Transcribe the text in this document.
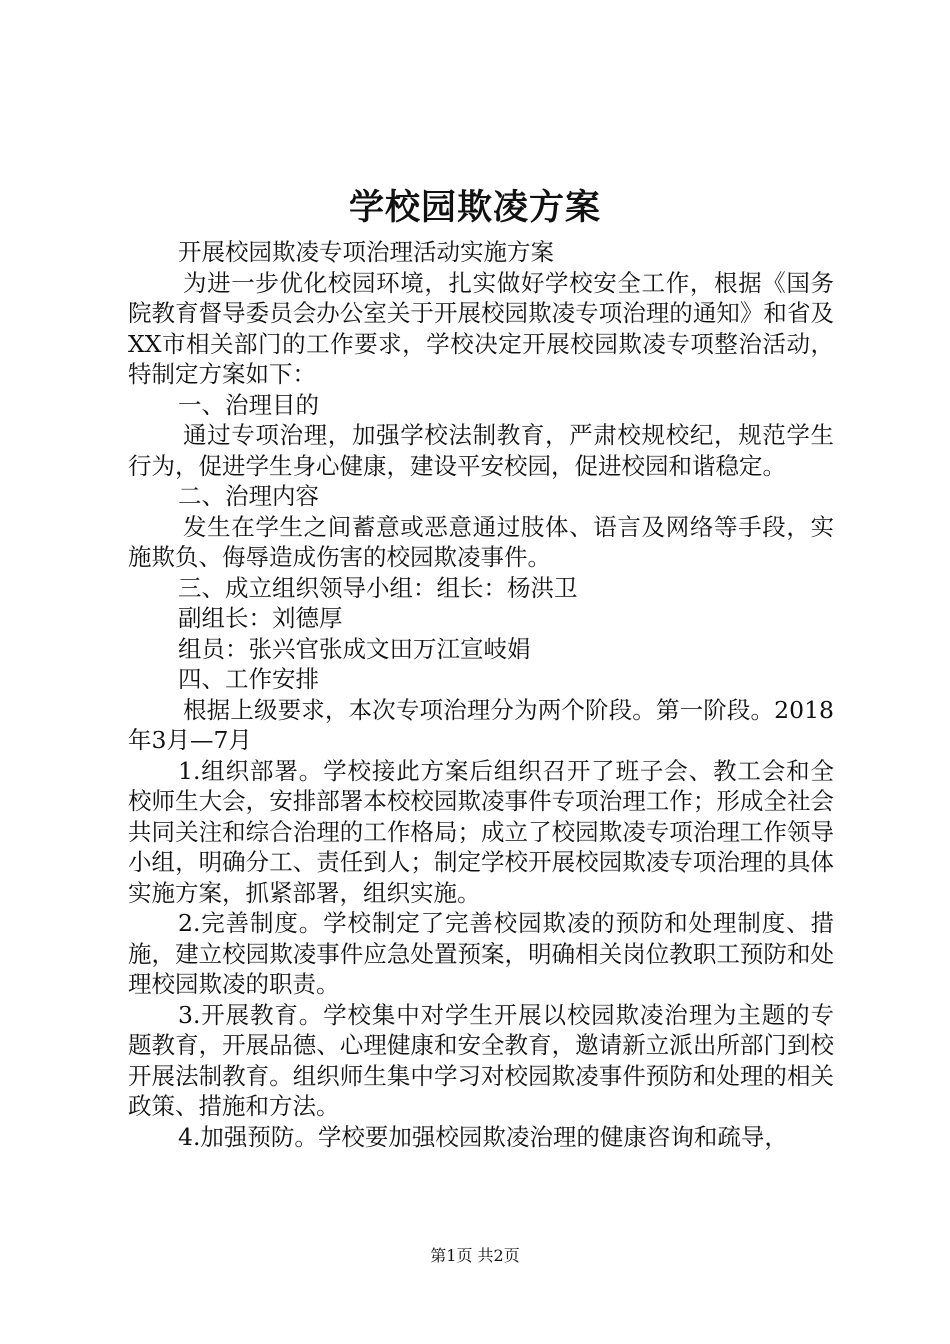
学校园欺凌方案

开展校园欺凌专项治理活动实施方案

为进一步优化校园环境，扎实做好学校安全工作，根据《国务院教育督导委员会办公室关于开展校园欺凌专项治理的通知》和省及XX市相关部门的工作要求，学校决定开展校园欺凌专项整治活动，特制定方案如下：

一、治理目的

通过专项治理，加强学校法制教育，严肃校规校纪，规范学生行为，促进学生身心健康，建设平安校园，促进校园和谐稳定。

二、治理内容

发生在学生之间蓄意或恶意通过肢体、语言及网络等手段，实施欺负、侮辱造成伤害的校园欺凌事件。

三、成立组织领导小组：组长：杨洪卫

副组长：刘德厚

组员：张兴官张成文田万江宣岐娟

四、工作安排

根据上级要求，本次专项治理分为两个阶段。第一阶段。2018年3月—7月

1.组织部署。学校接此方案后组织召开了班子会、教工会和全校师生大会，安排部署本校校园欺凌事件专项治理工作；形成全社会共同关注和综合治理的工作格局；成立了校园欺凌专项治理工作领导小组，明确分工、责任到人；制定学校开展校园欺凌专项治理的具体实施方案，抓紧部署，组织实施。

2.完善制度。学校制定了完善校园欺凌的预防和处理制度、措施，建立校园欺凌事件应急处置预案，明确相关岗位教职工预防和处理校园欺凌的职责。

3.开展教育。学校集中对学生开展以校园欺凌治理为主题的专题教育，开展品德、心理健康和安全教育，邀请新立派出所部门到校开展法制教育。组织师生集中学习对校园欺凌事件预防和处理的相关政策、措施和方法。

4.加强预防。学校要加强校园欺凌治理的健康咨询和疏导，

第1页 共2页
